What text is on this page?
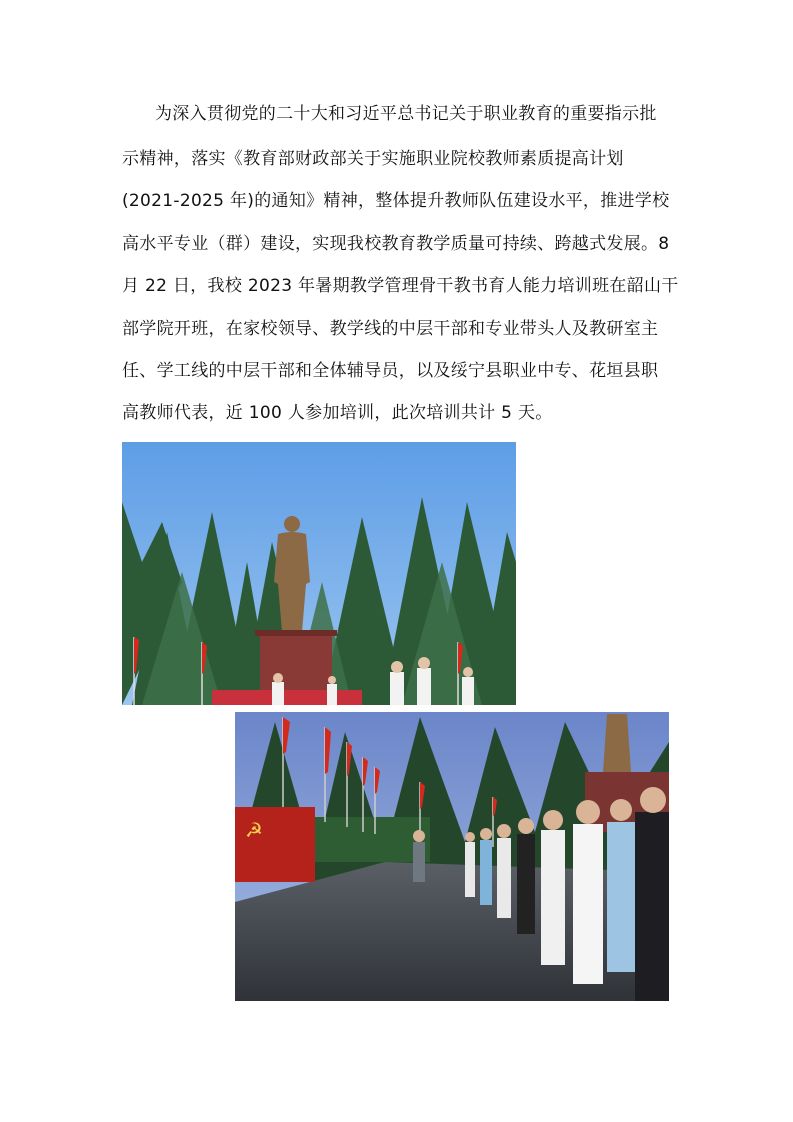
为深入贯彻党的二十大和习近平总书记关于职业教育的重要指示批
示精神，落实《教育部财政部关于实施职业院校教师素质提高计划
(2021-2025 年)的通知》精神，整体提升教师队伍建设水平，推进学校
高水平专业（群）建设，实现我校教育教学质量可持续、跨越式发展。8
月 22 日，我校 2023 年暑期教学管理骨干教书育人能力培训班在韶山干
部学院开班，在家校领导、教学线的中层干部和专业带头人及教研室主
任、学工线的中层干部和全体辅导员，以及绥宁县职业中专、花垣县职
高教师代表，近 100 人参加培训，此次培训共计 5 天。
☭
